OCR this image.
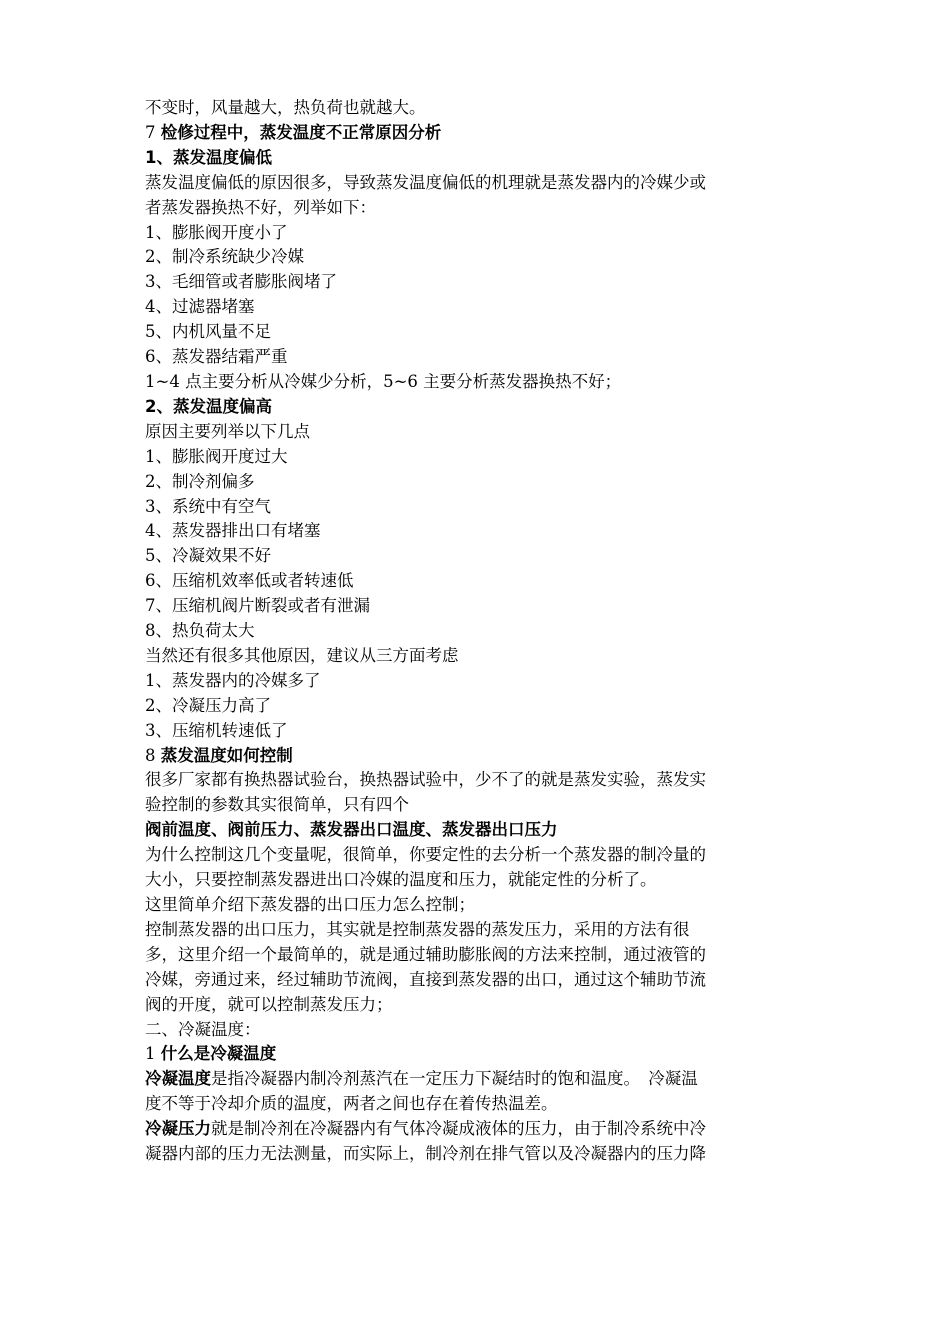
不变时，风量越大，热负荷也就越大。
7 检修过程中，蒸发温度不正常原因分析
1、蒸发温度偏低
蒸发温度偏低的原因很多，导致蒸发温度偏低的机理就是蒸发器内的冷媒少或
者蒸发器换热不好，列举如下：
1、膨胀阀开度小了
2、制冷系统缺少冷媒
3、毛细管或者膨胀阀堵了
4、过滤器堵塞
5、内机风量不足
6、蒸发器结霜严重
1~4 点主要分析从冷媒少分析，5~6 主要分析蒸发器换热不好；
2、蒸发温度偏高
原因主要列举以下几点
1、膨胀阀开度过大
2、制冷剂偏多
3、系统中有空气
4、蒸发器排出口有堵塞
5、冷凝效果不好
6、压缩机效率低或者转速低
7、压缩机阀片断裂或者有泄漏
8、热负荷太大
当然还有很多其他原因，建议从三方面考虑
1、蒸发器内的冷媒多了
2、冷凝压力高了
3、压缩机转速低了
8 蒸发温度如何控制
很多厂家都有换热器试验台，换热器试验中，少不了的就是蒸发实验，蒸发实
验控制的参数其实很简单，只有四个
阀前温度、阀前压力、蒸发器出口温度、蒸发器出口压力
为什么控制这几个变量呢，很简单，你要定性的去分析一个蒸发器的制冷量的
大小，只要控制蒸发器进出口冷媒的温度和压力，就能定性的分析了。
这里简单介绍下蒸发器的出口压力怎么控制；
控制蒸发器的出口压力，其实就是控制蒸发器的蒸发压力，采用的方法有很
多，这里介绍一个最简单的，就是通过辅助膨胀阀的方法来控制，通过液管的
冷媒，旁通过来，经过辅助节流阀，直接到蒸发器的出口，通过这个辅助节流
阀的开度，就可以控制蒸发压力；
二、冷凝温度：
1 什么是冷凝温度
冷凝温度是指冷凝器内制冷剂蒸汽在一定压力下凝结时的饱和温度。　冷凝温
度不等于冷却介质的温度，两者之间也存在着传热温差。
冷凝压力就是制冷剂在冷凝器内有气体冷凝成液体的压力，由于制冷系统中冷
凝器内部的压力无法测量，而实际上，制冷剂在排气管以及冷凝器内的压力降
